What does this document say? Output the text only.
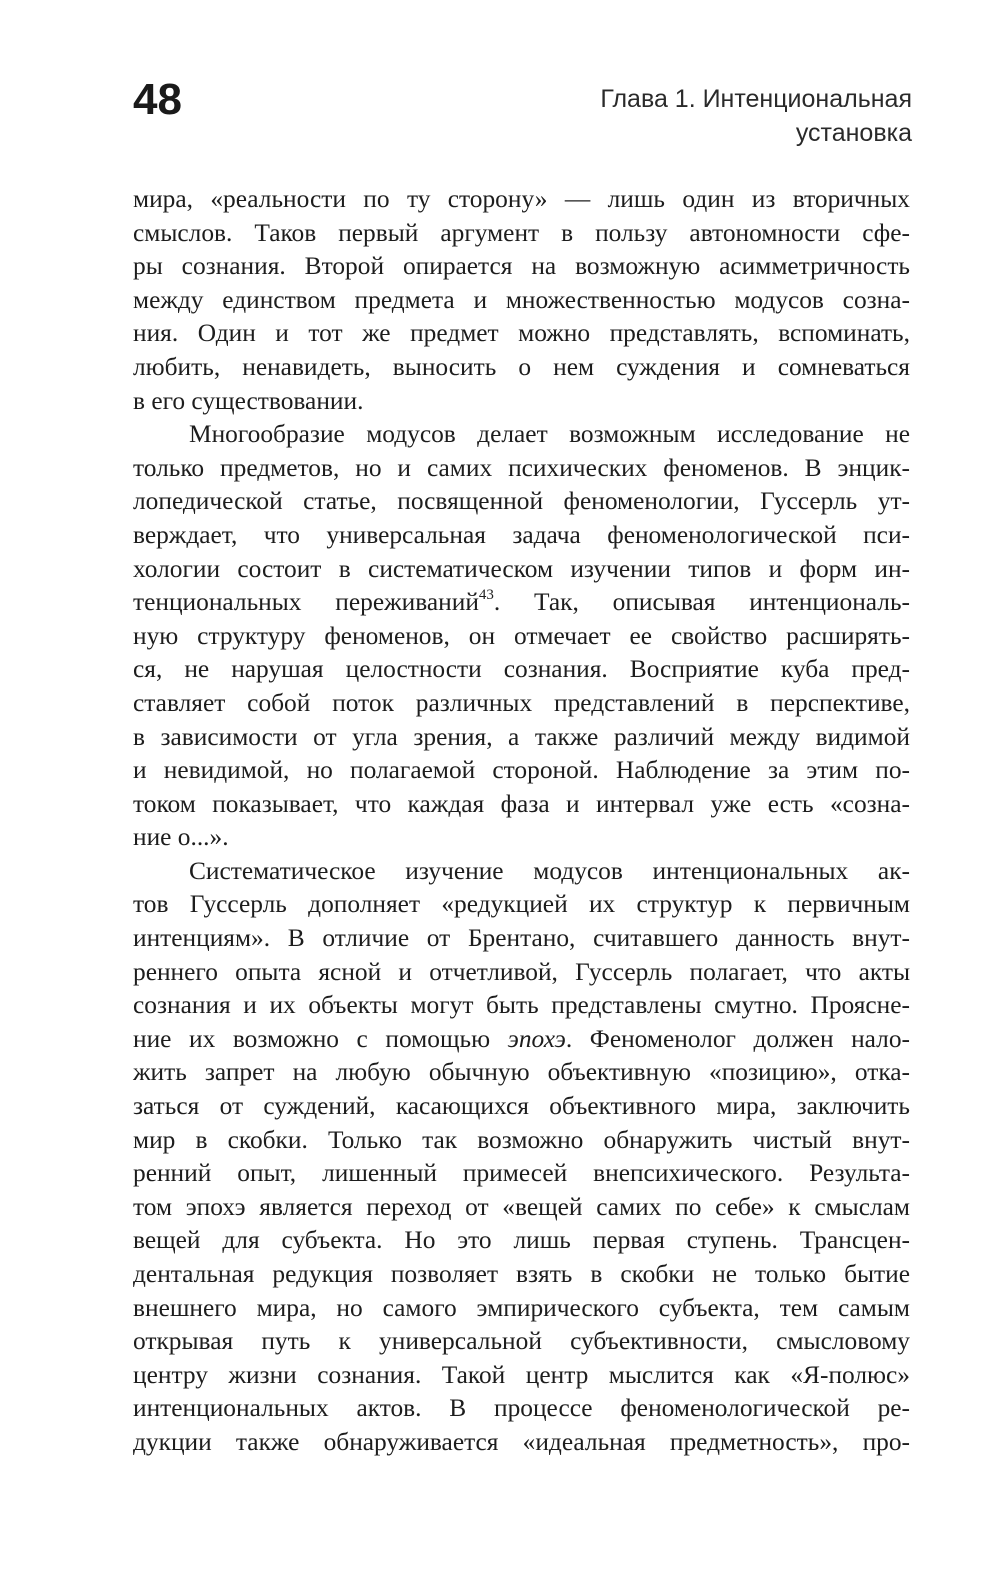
48	Глава 1. Интенциональная
установка
мира, «реальности по ту сторону» — лишь один из вторичных
смыслов. Таков первый аргумент в пользу автономности сфе-
ры сознания. Второй опирается на возможную асимметричность
между единством предмета и множественностью модусов созна-
ния. Один и тот же предмет можно представлять, вспоминать,
любить, ненавидеть, выносить о нем суждения и сомневаться
в его существовании.
Многообразие модусов делает возможным исследование не
только предметов, но и самих психических феноменов. В энцик-
лопедической статье, посвященной феноменологии, Гуссерль ут-
верждает, что универсальная задача феноменологической пси-
хологии состоит в систематическом изучении типов и форм ин-
тенциональных переживаний$^{43}$. Так, описывая интенциональ-
ную структуру феноменов, он отмечает ее свойство расширять-
ся, не нарушая целостности сознания. Восприятие куба пред-
ставляет собой поток различных представлений в перспективе,
в зависимости от угла зрения, а также различий между видимой
и невидимой, но полагаемой стороной. Наблюдение за этим по-
током показывает, что каждая фаза и интервал уже есть «созна-
ние о...».
Систематическое изучение модусов интенциональных ак-
тов Гуссерль дополняет «редукцией их структур к первичным
интенциям». В отличие от Брентано, считавшего данность внут-
реннего опыта ясной и отчетливой, Гуссерль полагает, что акты
сознания и их объекты могут быть представлены смутно. Проясне-
ние их возможно с помощью эпохэ. Феноменолог должен нало-
жить запрет на любую обычную объективную «позицию», отка-
заться от суждений, касающихся объективного мира, заключить
мир в скобки. Только так возможно обнаружить чистый внут-
ренний опыт, лишенный примесей внепсихического. Результа-
том эпохэ является переход от «вещей самих по себе» к смыслам
вещей для субъекта. Но это лишь первая ступень. Трансцен-
дентальная редукция позволяет взять в скобки не только бытие
внешнего мира, но самого эмпирического субъекта, тем самым
открывая путь к универсальной субъективности, смысловому
центру жизни сознания. Такой центр мыслится как «Я-полюс»
интенциональных актов. В процессе феноменологической ре-
дукции также обнаруживается «идеальная предметность», про-
